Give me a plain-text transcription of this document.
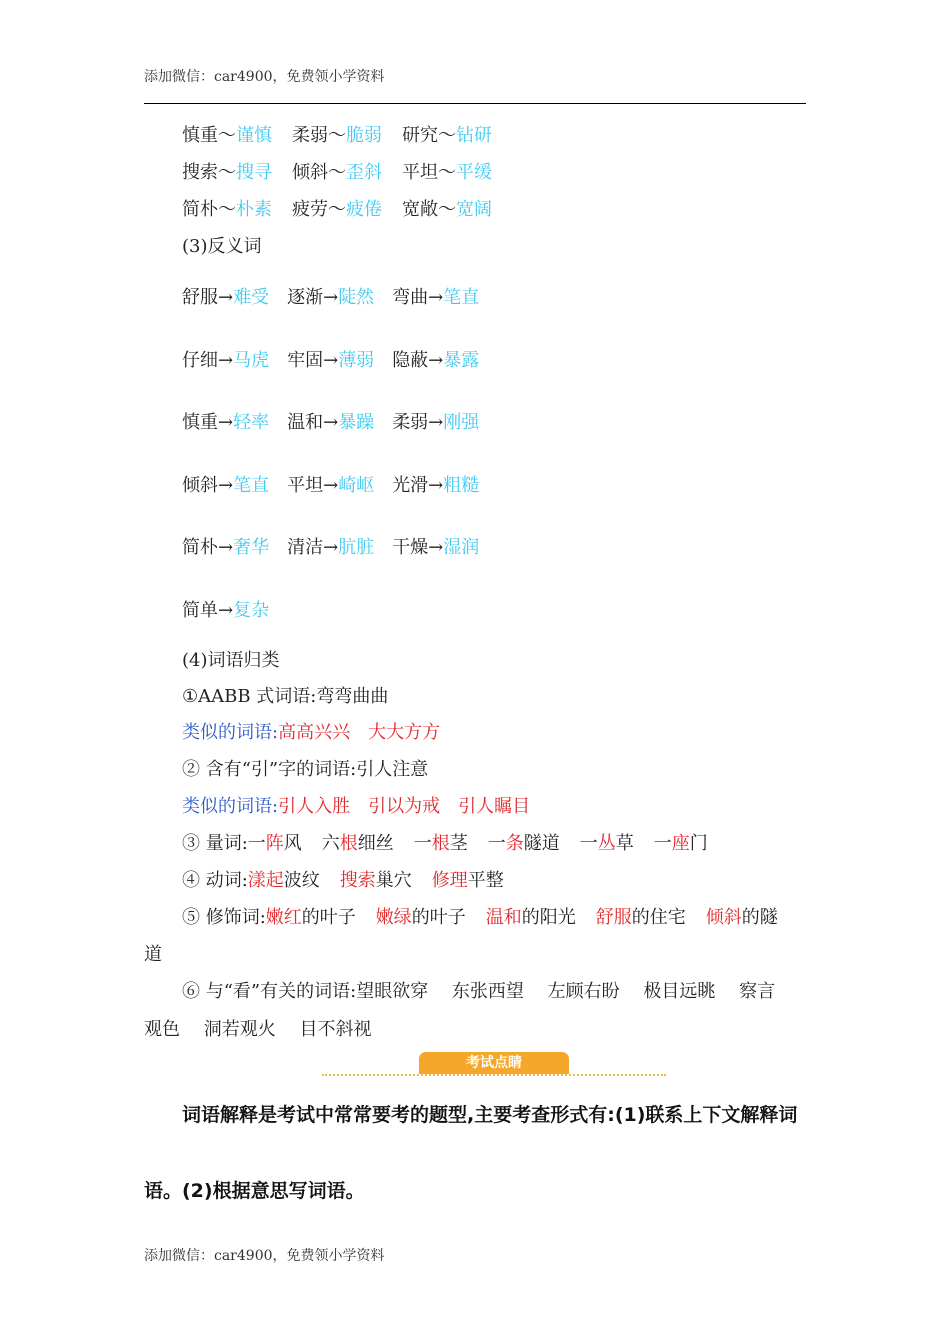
添加微信：car4900，免费领小学资料
慎重～谨慎 柔弱～脆弱 研究～钻研
搜索～搜寻 倾斜～歪斜 平坦～平缓
简朴～朴素 疲劳～疲倦 宽敞～宽阔
(3)反义词
舒服→难受 逐渐→陡然 弯曲→笔直
仔细→马虎 牢固→薄弱 隐蔽→暴露
慎重→轻率 温和→暴躁 柔弱→刚强
倾斜→笔直 平坦→崎岖 光滑→粗糙
简朴→奢华 清洁→肮脏 干燥→湿润
简单→复杂
(4)词语归类
①AABB 式词语:弯弯曲曲
类似的词语:高高兴兴 大大方方
② 含有“引”字的词语:引人注意
类似的词语:引人入胜 引以为戒 引人瞩目
③ 量词:一阵风 六根细丝 一根茎 一条隧道 一丛草 一座门
④ 动词:漾起波纹 搜索巢穴 修理平整
⑤ 修饰词:嫩红的叶子 嫩绿的叶子 温和的阳光 舒服的住宅 倾斜的隧
道
⑥ 与“看”有关的词语:望眼欲穿　 东张西望　 左顾右盼　 极目远眺　 察言
观色　 洞若观火　 目不斜视
考试点睛
词语解释是考试中常常要考的题型,主要考查形式有:(1)联系上下文解释词
语。(2)根据意思写词语。
添加微信：car4900，免费领小学资料
